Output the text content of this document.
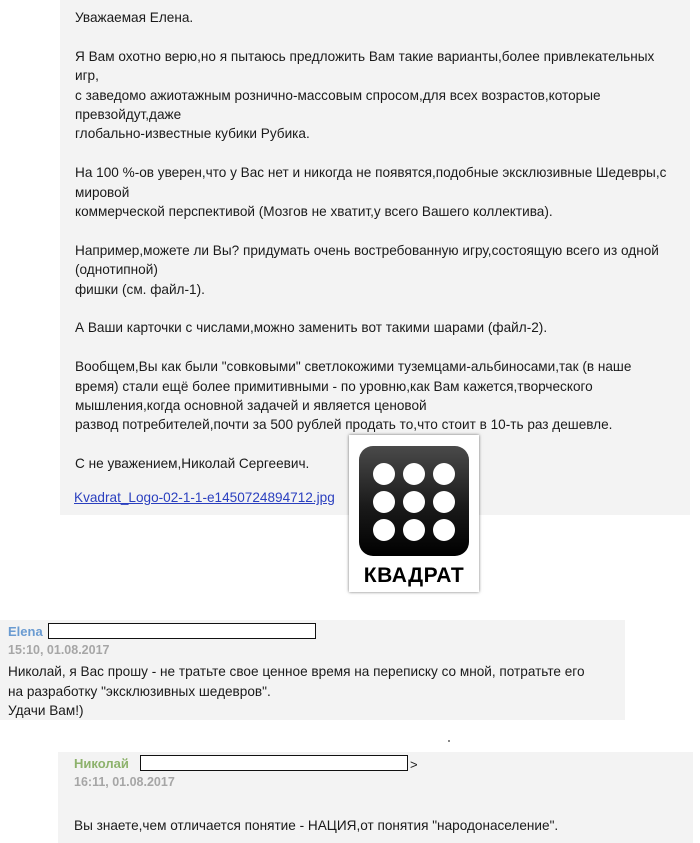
Уважаемая Елена.

Я Вам охотно верю,но я пытаюсь предложить Вам такие варианты,более привлекательных игр,
с заведомо ажиотажным розничнo-массовым спросом,для всех возрастов,которые превзойдут,даже
глобально-известные кубики Рубика.

На 100 %-ов уверен,что у Вас нет и никогда не появятся,подобные эксклюзивные Шедевры,с мировой
коммерческой перспективой (Мозгов не хватит,у всего Вашего коллектива).

Например,можете ли Вы? придумать очень востребованную игру,состоящую всего из одной (однотипной)
фишки (см. файл-1).

А Ваши карточки с числами,можно заменить вот такими шарами (файл-2).

Вообщем,Вы как были "совковыми" светлокожими туземцами-альбиносами,так (в наше время) стали ещё более примитивными - по уровню,как Вам кажется,творческого мышления,когда основной задачей и является ценовой
развод потребителей,почти за 500 рублей продать то,что стоит в 10-ть раз дешевле.

С не уважением,Николай Сергеевич.

Kvadrat_Logo-02-1-1-e1450724894712.jpg
КВАДРАТ
Elena
15:10, 01.08.2017
Николай, я Вас прошу - не тратьте свое ценное время на переписку со мной, потратьте его
на разработку "эксклюзивных шедевров".
Удачи Вам!)
Николай	>
16:11, 01.08.2017
Вы знаете,чем отличается понятие - НАЦИЯ,от понятия "народонаселение".
